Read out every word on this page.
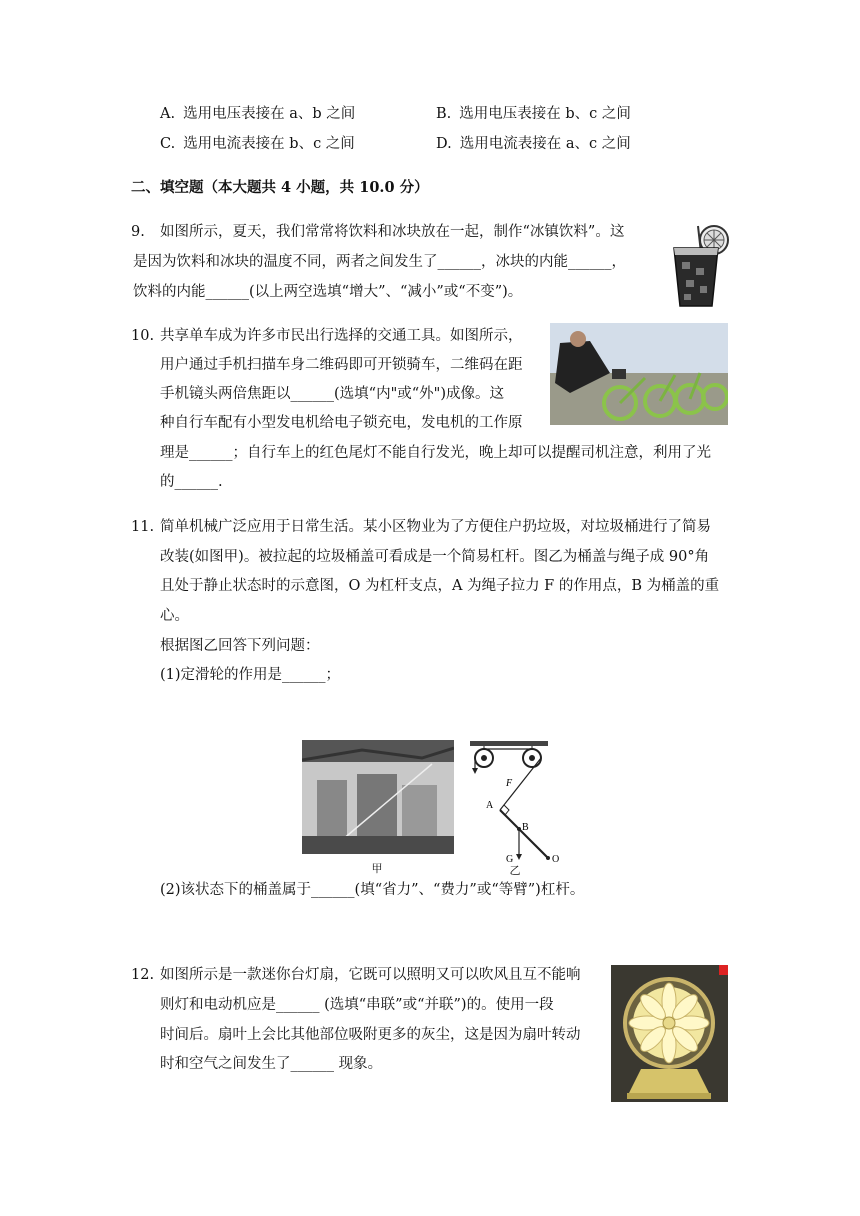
A. 选用电压表接在 a、b 之间	B. 选用电压表接在 b、c 之间
C. 选用电流表接在 b、c 之间	D. 选用电流表接在 a、c 之间
二、填空题（本大题共 4 小题，共 10.0 分）
9. 如图所示，夏天，我们常常将饮料和冰块放在一起，制作“冰镇饮料”。这
是因为饮料和冰块的温度不同，两者之间发生了______，冰块的内能______，
饮料的内能______(以上两空选填“增大”、“减小”或“不变”)。
10. 共享单车成为许多市民出行选择的交通工具。如图所示，
用户通过手机扫描车身二维码即可开锁骑车，二维码在距
手机镜头两倍焦距以______(选填“内"或“外")成像。这
种自行车配有小型发电机给电子锁充电，发电机的工作原
理是______；自行车上的红色尾灯不能自行发光，晚上却可以提醒司机注意，利用了光
的______.
11. 简单机械广泛应用于日常生活。某小区物业为了方便住户扔垃圾，对垃圾桶进行了简易
改装(如图甲)。被拉起的垃圾桶盖可看成是一个简易杠杆。图乙为桶盖与绳子成 90°角
且处于静止状态时的示意图，O 为杠杆支点，A 为绳子拉力 F 的作用点，B 为桶盖的重
心。
根据图乙回答下列问题：
(1)定滑轮的作用是______；
甲
F
A
B
G	O
乙
(2)该状态下的桶盖属于______(填“省力”、“费力”或“等臂”)杠杆。
12. 如图所示是一款迷你台灯扇，它既可以照明又可以吹风且互不能响
则灯和电动机应是______ (选填“串联”或“并联”)的。使用一段
时间后。扇叶上会比其他部位吸附更多的灰尘，这是因为扇叶转动
时和空气之间发生了______ 现象。
